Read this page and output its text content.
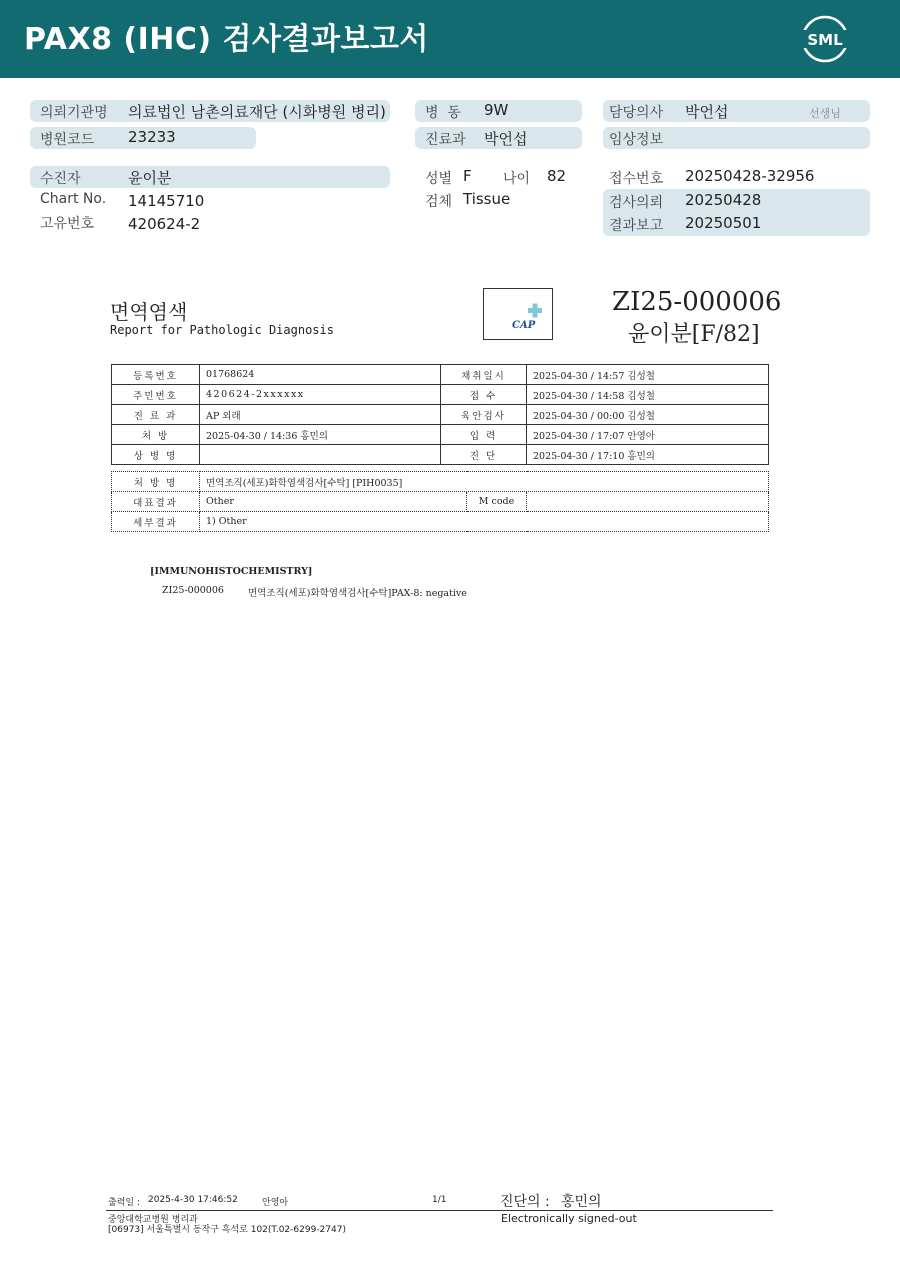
PAX8 (IHC) 검사결과보고서	SML
의뢰기관명 의료법인 남촌의료재단 (시화병원 병리)
병원코드 23233
병  동 9W
진료과 박언섭
담당의사 박언섭	선생님
임상정보
수진자	윤이분
Chart No. 14145710
고유번호 420624-2
성별 F 나이 82
검체 Tissue
접수번호 20250428-32956
검사의뢰 20250428
결과보고 20250501
면역염색
Report for Pathologic Diagnosis	CAP
ZI25-000006
윤이분[F/82]
등록번호	01768624	채취일시	2025-04-30 / 14:57 김성철
주민번호	420624-2xxxxxx	접 수	2025-04-30 / 14:58 김성철
진 료 과	AP 외래	육안검사	2025-04-30 / 00:00 김성철
처 방	2025-04-30 / 14:36 홍민의	입 력	2025-04-30 / 17:07 안영아
상 병 명		진 단	2025-04-30 / 17:10 홍민의
처 방 명	면역조직(세포)화학염색검사[수탁] [PIH0035]		
대표결과	Other	M code	
세부결과	1) Other		
[IMMUNOHISTOCHEMISTRY]
ZI25-000006	면역조직(세포)화학염색검사[수탁]PAX-8: negative
출력일 : 2025-4-30 17:46:52	안영아	1/1	진단의 : 홍민의
중앙대학교병원 병리과
[06973] 서울특별시 동작구 흑석로 102(T.02-6299-2747)
Electronically signed-out
